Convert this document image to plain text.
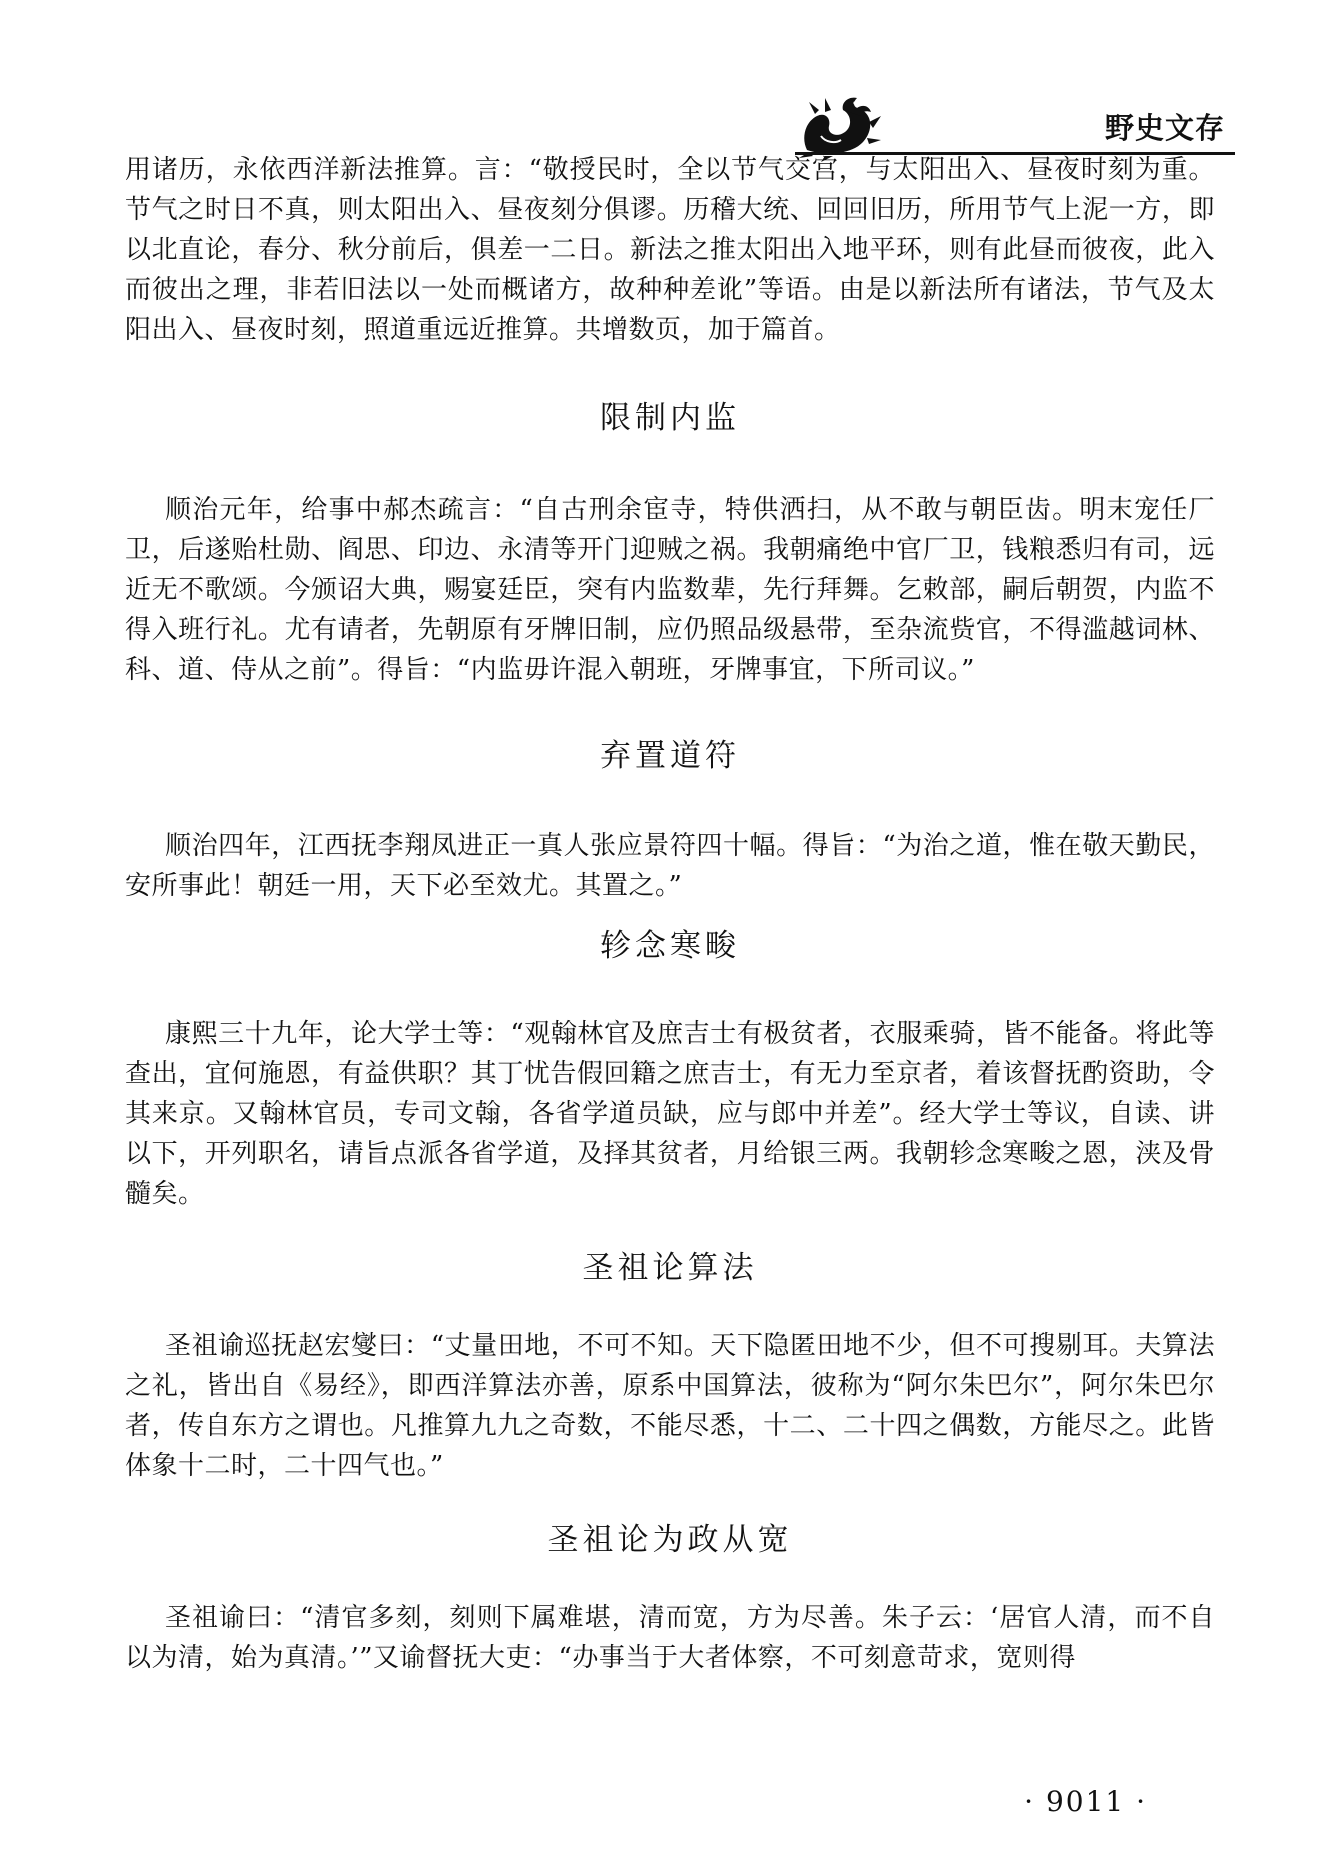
野史文存

用诸历，永依西洋新法推算。言：“敬授民时，全以节气交宫，与太阳出入、昼夜时刻为重。节气之时日不真，则太阳出入、昼夜刻分俱谬。历稽大统、回回旧历，所用节气上泥一方，即以北直论，春分、秋分前后，俱差一二日。新法之推太阳出入地平环，则有此昼而彼夜，此入而彼出之理，非若旧法以一处而概诸方，故种种差讹”等语。由是以新法所有诸法，节气及太阳出入、昼夜时刻，照道重远近推算。共增数页，加于篇首。

限制内监

顺治元年，给事中郝杰疏言：“自古刑余宦寺，特供洒扫，从不敢与朝臣齿。明末宠任厂卫，后遂贻杜勋、阎思、印边、永清等开门迎贼之祸。我朝痛绝中官厂卫，钱粮悉归有司，远近无不歌颂。今颁诏大典，赐宴廷臣，突有内监数辈，先行拜舞。乞敕部，嗣后朝贺，内监不得入班行礼。尤有请者，先朝原有牙牌旧制，应仍照品级悬带，至杂流赀官，不得滥越词林、科、道、侍从之前”。得旨：“内监毋许混入朝班，牙牌事宜，下所司议。”

弃置道符

顺治四年，江西抚李翔凤进正一真人张应景符四十幅。得旨：“为治之道，惟在敬天勤民，安所事此！朝廷一用，天下必至效尤。其置之。”

轸念寒畯

康熙三十九年，论大学士等：“观翰林官及庶吉士有极贫者，衣服乘骑，皆不能备。将此等查出，宜何施恩，有益供职？其丁忧告假回籍之庶吉士，有无力至京者，着该督抚酌资助，令其来京。又翰林官员，专司文翰，各省学道员缺，应与郎中并差”。经大学士等议，自读、讲以下，开列职名，请旨点派各省学道，及择其贫者，月给银三两。我朝轸念寒畯之恩，浃及骨髓矣。

圣祖论算法

圣祖谕巡抚赵宏燮曰：“丈量田地，不可不知。天下隐匿田地不少，但不可搜剔耳。夫算法之礼，皆出自《易经》，即西洋算法亦善，原系中国算法，彼称为“阿尔朱巴尔”，阿尔朱巴尔者，传自东方之谓也。凡推算九九之奇数，不能尽悉，十二、二十四之偶数，方能尽之。此皆体象十二时，二十四气也。”

圣祖论为政从宽

圣祖谕曰：“清官多刻，刻则下属难堪，清而宽，方为尽善。朱子云：‘居官人清，而不自以为清，始为真清。’”又谕督抚大吏：“办事当于大者体察，不可刻意苛求，宽则得

· 9011 ·
